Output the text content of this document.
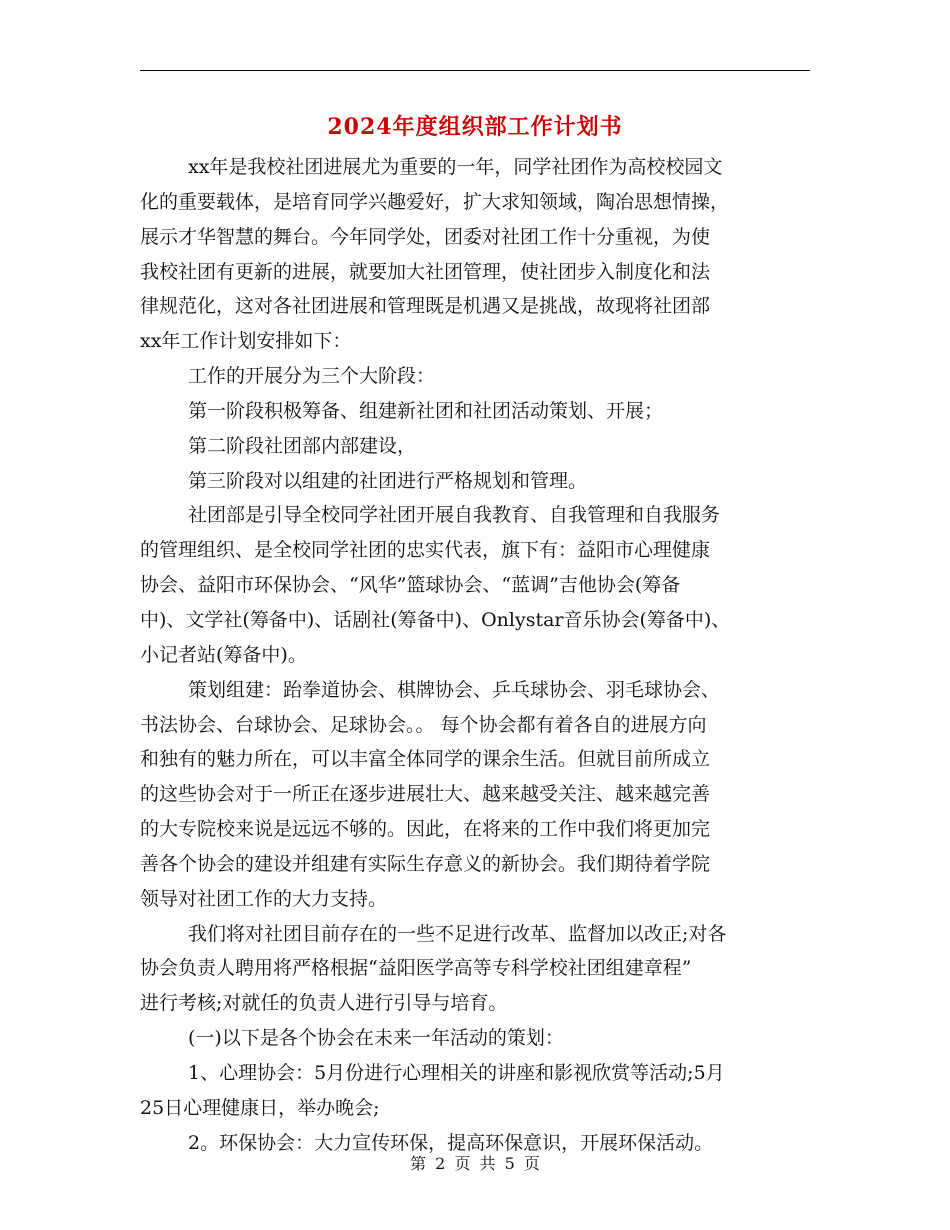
2024年度组织部工作计划书
xx年是我校社团进展尤为重要的一年，同学社团作为高校校园文
化的重要载体，是培育同学兴趣爱好，扩大求知领域，陶冶思想情操，
展示才华智慧的舞台。今年同学处，团委对社团工作十分重视，为使
我校社团有更新的进展，就要加大社团管理，使社团步入制度化和法
律规范化，这对各社团进展和管理既是机遇又是挑战，故现将社团部
xx年工作计划安排如下：
工作的开展分为三个大阶段：
第一阶段积极筹备、组建新社团和社团活动策划、开展；
第二阶段社团部内部建设，
第三阶段对以组建的社团进行严格规划和管理。
社团部是引导全校同学社团开展自我教育、自我管理和自我服务
的管理组织、是全校同学社团的忠实代表，旗下有：益阳市心理健康
协会、益阳市环保协会、“风华”篮球协会、“蓝调”吉他协会(筹备
中)、文学社(筹备中)、话剧社(筹备中)、Onlystar音乐协会(筹备中)、
小记者站(筹备中)。
策划组建：跆拳道协会、棋牌协会、乒乓球协会、羽毛球协会、
书法协会、台球协会、足球协会。。 每个协会都有着各自的进展方向
和独有的魅力所在，可以丰富全体同学的课余生活。但就目前所成立
的这些协会对于一所正在逐步进展壮大、越来越受关注、越来越完善
的大专院校来说是远远不够的。因此，在将来的工作中我们将更加完
善各个协会的建设并组建有实际生存意义的新协会。我们期待着学院
领导对社团工作的大力支持。
我们将对社团目前存在的一些不足进行改革、监督加以改正;对各
协会负责人聘用将严格根据“益阳医学高等专科学校社团组建章程”
进行考核;对就任的负责人进行引导与培育。
(一)以下是各个协会在未来一年活动的策划：
1、心理协会：5月份进行心理相关的讲座和影视欣赏等活动;5月
25日心理健康日，举办晚会;
2。环保协会：大力宣传环保，提高环保意识，开展环保活动。
第 2 页 共 5 页
